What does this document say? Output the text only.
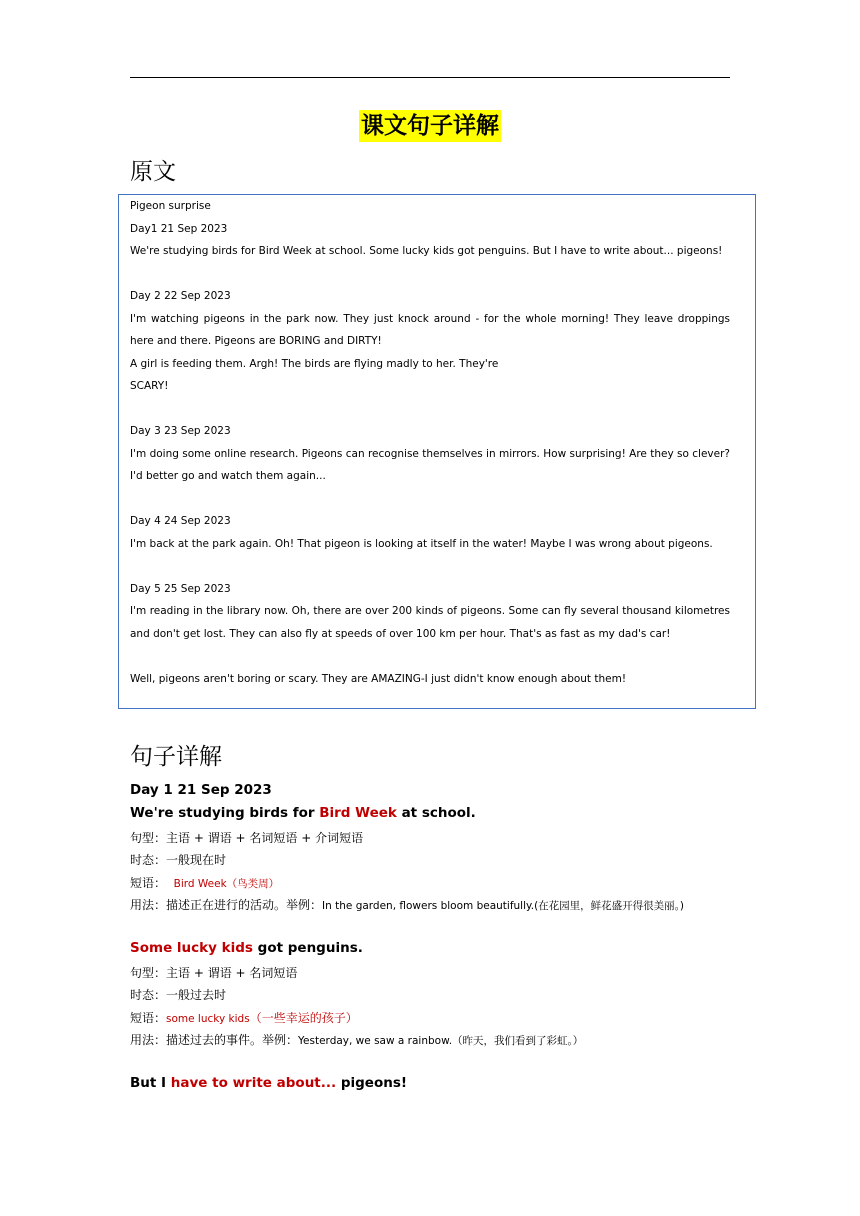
课文句子详解
原文
Pigeon surprise
Day1 21 Sep 2023
We're studying birds for Bird Week at school. Some lucky kids got penguins. But I have to write about... pigeons!
Day 2 22 Sep 2023
I'm watching pigeons in the park now. They just knock around - for the whole morning! They leave droppings
here and there. Pigeons are BORING and DIRTY!
A girl is feeding them. Argh! The birds are flying madly to her. They're
SCARY!
Day 3 23 Sep 2023
I'm doing some online research. Pigeons can recognise themselves in mirrors. How surprising! Are they so clever?
I'd better go and watch them again...
Day 4 24 Sep 2023
I'm back at the park again. Oh! That pigeon is looking at itself in the water! Maybe I was wrong about pigeons.
Day 5 25 Sep 2023
I'm reading in the library now. Oh, there are over 200 kinds of pigeons. Some can fly several thousand kilometres
and don't get lost. They can also fly at speeds of over 100 km per hour. That's as fast as my dad's car!
Well, pigeons aren't boring or scary. They are AMAZING-I just didn't know enough about them!
句子详解
Day 1 21 Sep 2023
We're studying birds for Bird Week at school.
句型：主语 + 谓语 + 名词短语 + 介词短语
时态：一般现在时
短语： Bird Week（鸟类周）
用法：描述正在进行的活动。举例：In the garden, flowers bloom beautifully.(在花园里，鲜花盛开得很美丽。)
Some lucky kids got penguins.
句型：主语 + 谓语 + 名词短语
时态：一般过去时
短语：some lucky kids（一些幸运的孩子）
用法：描述过去的事件。举例：Yesterday, we saw a rainbow.（昨天，我们看到了彩虹。）
But I have to write about... pigeons!
